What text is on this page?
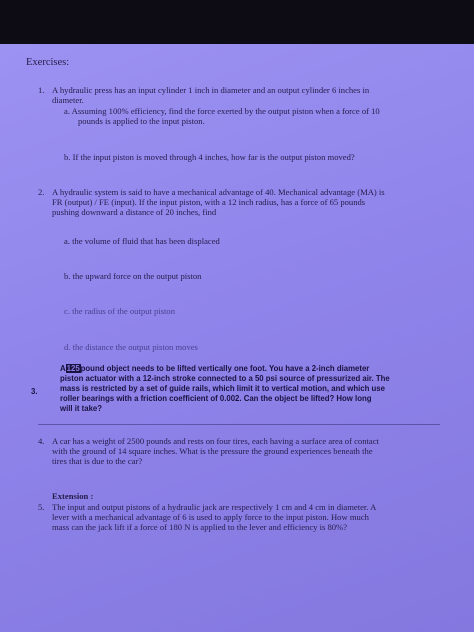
Exercises:
1. A hydraulic press has an input cylinder 1 inch in diameter and an output cylinder 6 inches in
diameter.
a. Assuming 100% efficiency, find the force exerted by the output piston when a force of 10
pounds is applied to the input piston.
b. If the input piston is moved through 4 inches, how far is the output piston moved?
2. A hydraulic system is said to have a mechanical advantage of 40. Mechanical advantage (MA) is
FR (output) / FE (input). If the input piston, with a 12 inch radius, has a force of 65 pounds
pushing downward a distance of 20 inches, find
a. the volume of fluid that has been displaced
b. the upward force on the output piston
c. the radius of the output piston
d. the distance the output piston moves
3.
A125pound object needs to be lifted vertically one foot. You have a 2-inch diameter
piston actuator with a 12-inch stroke connected to a 50 psi source of pressurized air. The
mass is restricted by a set of guide rails, which limit it to vertical motion, and which use
roller bearings with a friction coefficient of 0.002. Can the object be lifted? How long
will it take?
4. A car has a weight of 2500 pounds and rests on four tires, each having a surface area of contact
with the ground of 14 square inches. What is the pressure the ground experiences beneath the
tires that is due to the car?
Extension :
5. The input and output pistons of a hydraulic jack are respectively 1 cm and 4 cm in diameter. A
lever with a mechanical advantage of 6 is used to apply force to the input piston. How much
mass can the jack lift if a force of 180 N is applied to the lever and efficiency is 80%?
